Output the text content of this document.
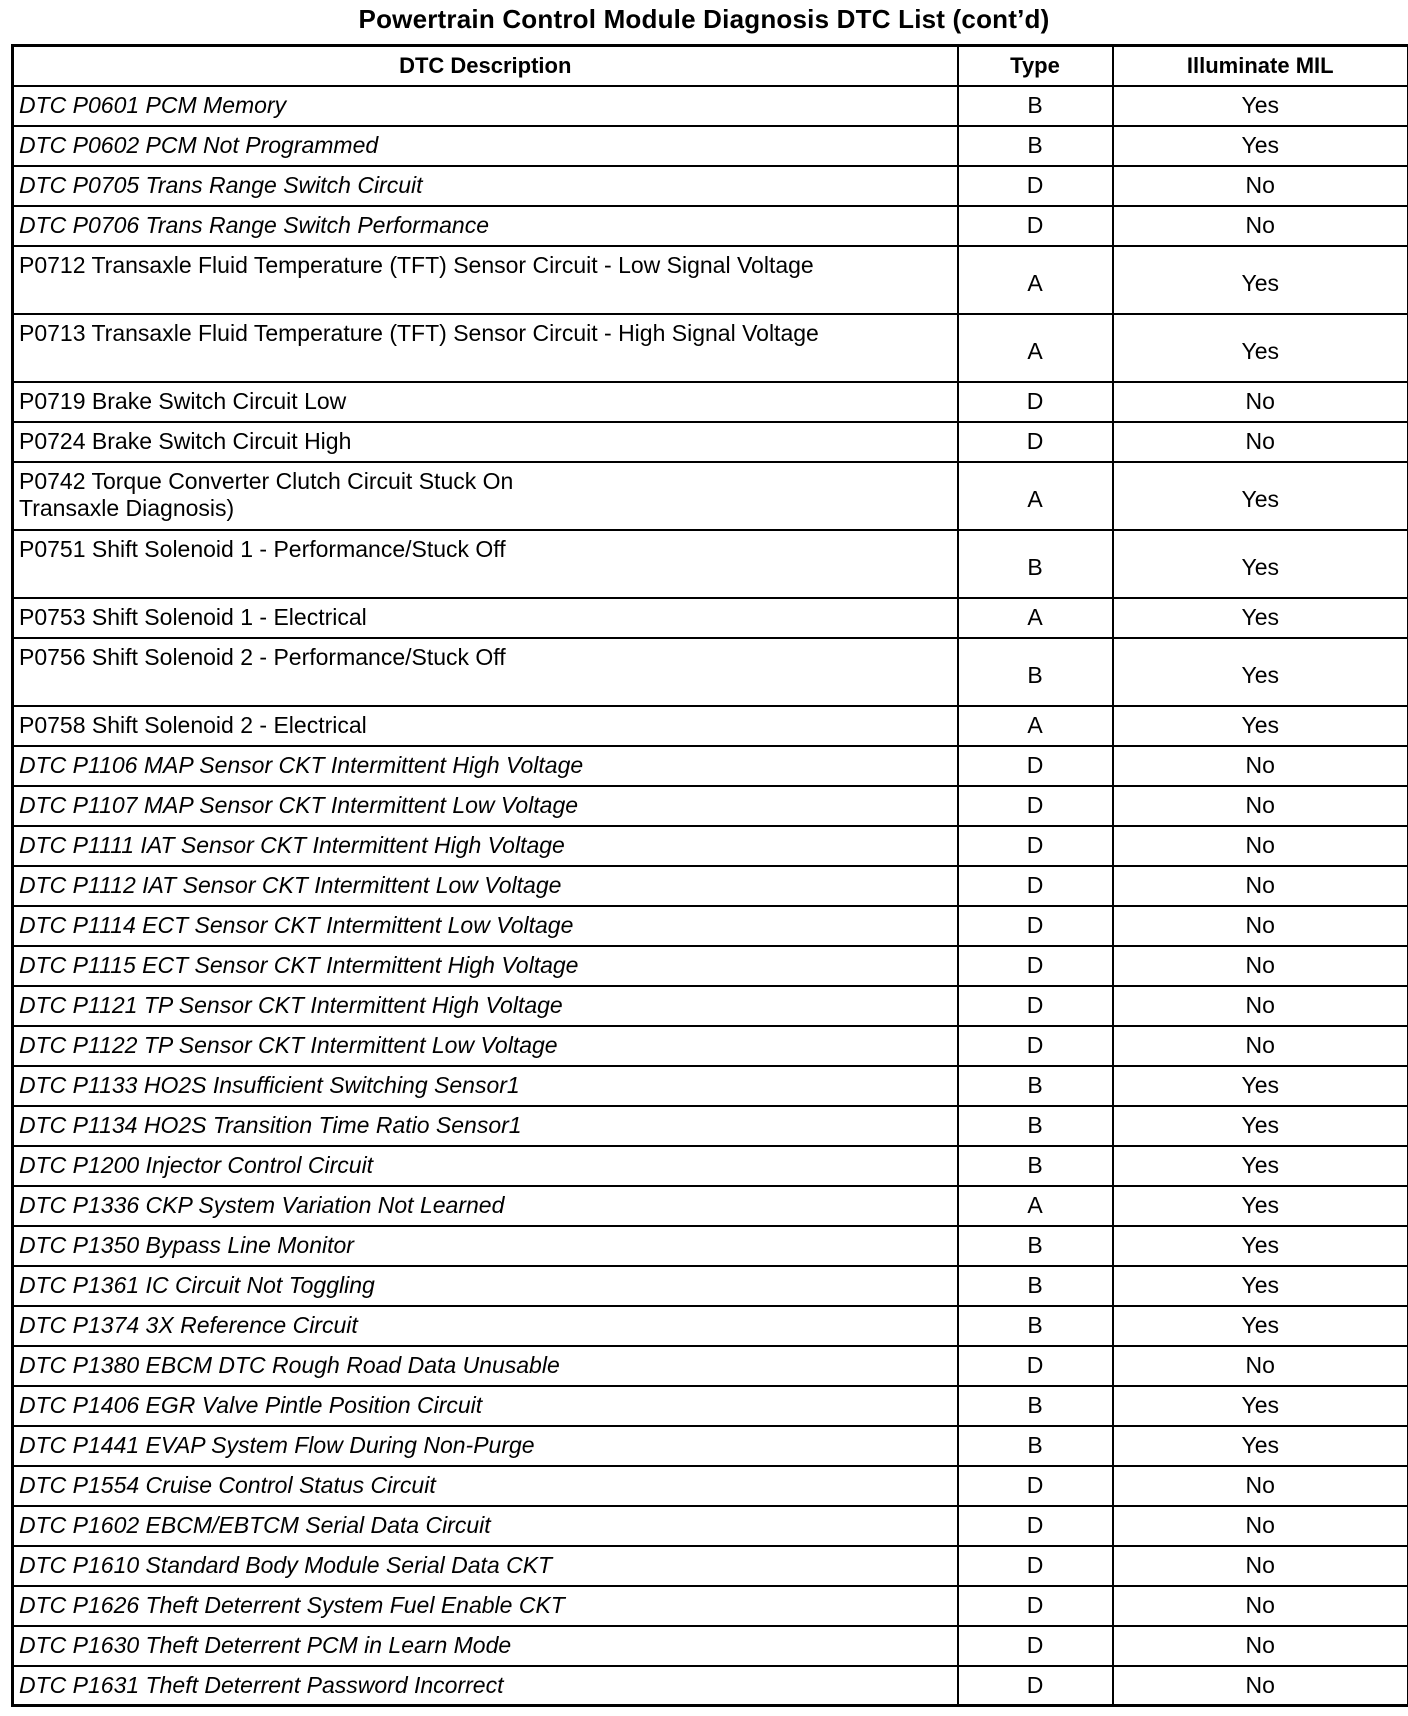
Powertrain Control Module Diagnosis DTC List (cont’d)
DTC Description	Type	Illuminate MIL
DTC P0601 PCM Memory	B	Yes
DTC P0602 PCM Not Programmed	B	Yes
DTC P0705 Trans Range Switch Circuit	D	No
DTC P0706 Trans Range Switch Performance	D	No
P0712 Transaxle Fluid Temperature (TFT) Sensor Circuit - Low Signal Voltage	A	Yes
P0713 Transaxle Fluid Temperature (TFT) Sensor Circuit - High Signal Voltage	A	Yes
P0719 Brake Switch Circuit Low	D	No
P0724 Brake Switch Circuit High	D	No
P0742 Torque Converter Clutch Circuit Stuck On
Transaxle Diagnosis)	A	Yes
P0751 Shift Solenoid 1 - Performance/Stuck Off	B	Yes
P0753 Shift Solenoid 1 - Electrical	A	Yes
P0756 Shift Solenoid 2 - Performance/Stuck Off	B	Yes
P0758 Shift Solenoid 2 - Electrical	A	Yes
DTC P1106 MAP Sensor CKT Intermittent High Voltage	D	No
DTC P1107 MAP Sensor CKT Intermittent Low Voltage	D	No
DTC P1111 IAT Sensor CKT Intermittent High Voltage	D	No
DTC P1112 IAT Sensor CKT Intermittent Low Voltage	D	No
DTC P1114 ECT Sensor CKT Intermittent Low Voltage	D	No
DTC P1115 ECT Sensor CKT Intermittent High Voltage	D	No
DTC P1121 TP Sensor CKT Intermittent High Voltage	D	No
DTC P1122 TP Sensor CKT Intermittent Low Voltage	D	No
DTC P1133 HO2S Insufficient Switching Sensor1	B	Yes
DTC P1134 HO2S Transition Time Ratio Sensor1	B	Yes
DTC P1200 Injector Control Circuit	B	Yes
DTC P1336 CKP System Variation Not Learned	A	Yes
DTC P1350 Bypass Line Monitor	B	Yes
DTC P1361 IC Circuit Not Toggling	B	Yes
DTC P1374 3X Reference Circuit	B	Yes
DTC P1380 EBCM DTC Rough Road Data Unusable	D	No
DTC P1406 EGR Valve Pintle Position Circuit	B	Yes
DTC P1441 EVAP System Flow During Non-Purge	B	Yes
DTC P1554 Cruise Control Status Circuit	D	No
DTC P1602 EBCM/EBTCM Serial Data Circuit	D	No
DTC P1610 Standard Body Module Serial Data CKT	D	No
DTC P1626 Theft Deterrent System Fuel Enable CKT	D	No
DTC P1630 Theft Deterrent PCM in Learn Mode	D	No
DTC P1631 Theft Deterrent Password Incorrect	D	No
